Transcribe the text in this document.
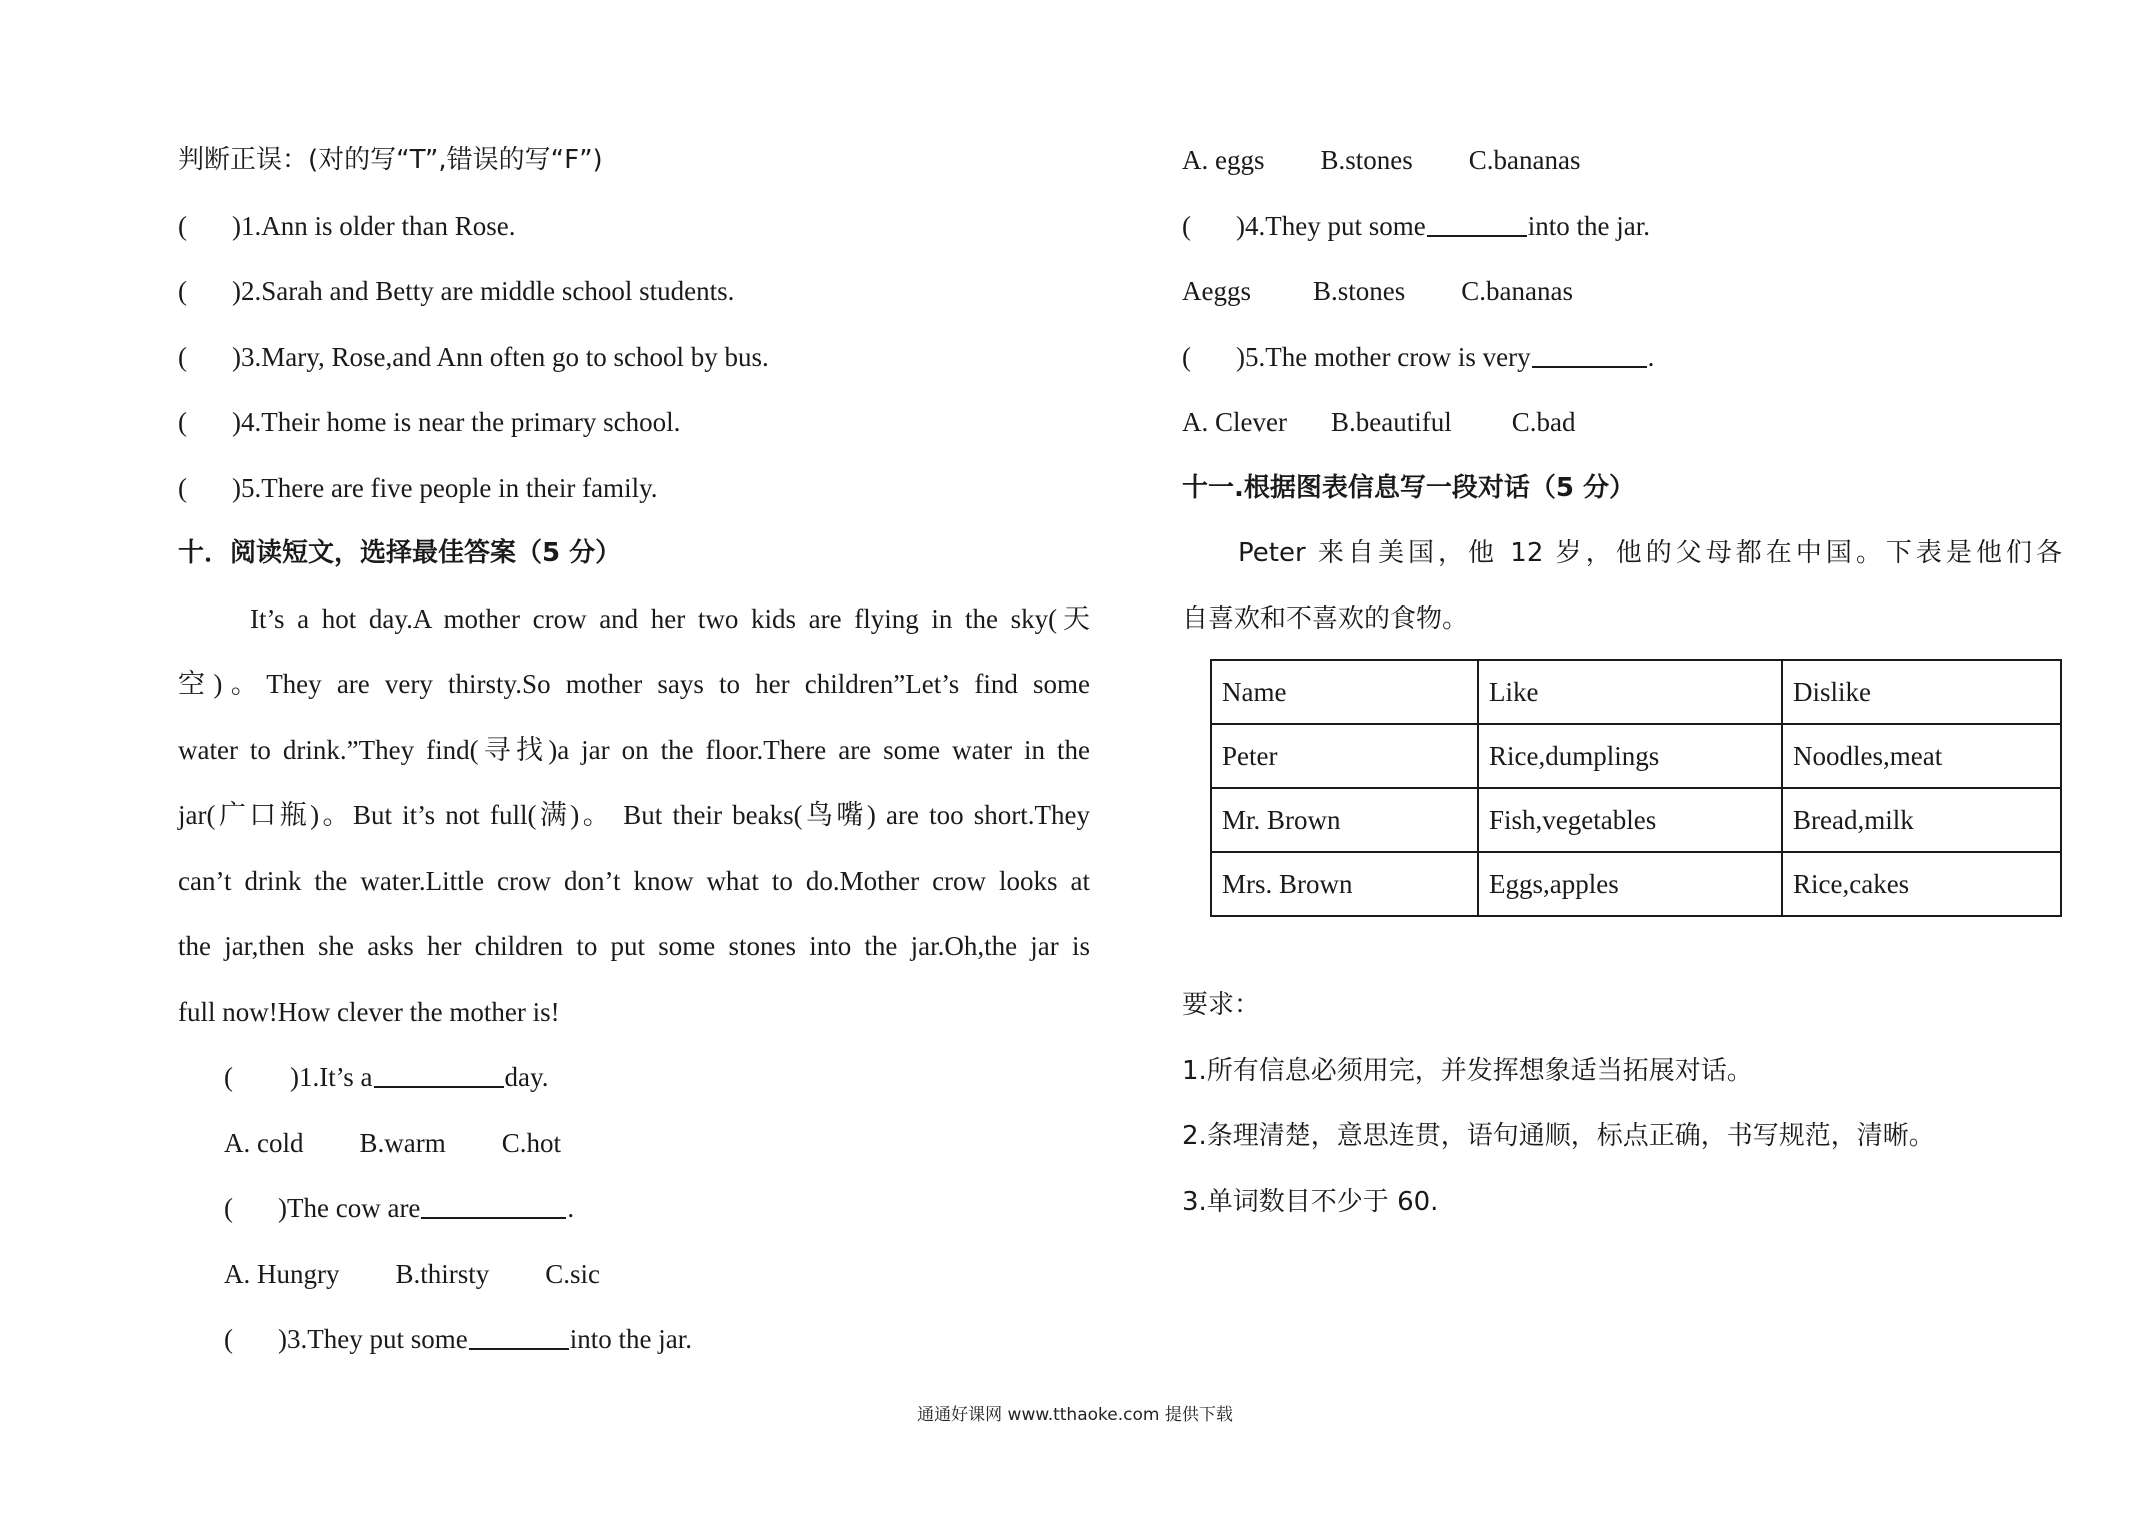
判断正误：(对的写“T”,错误的写“F”)
( )1.Ann is older than Rose.
( )2.Sarah and Betty are middle school students.
( )3.Mary, Rose,and Ann often go to school by bus.
( )4.Their home is near the primary school.
( )5.There are five people in their family.
十．阅读短文，选择最佳答案（5 分）
It’s a hot day.A mother crow and her two kids are flying in the sky(天
空)。They are very thirsty.So mother says to her children”Let’s find some
water to drink.”They find(寻找)a jar on the floor.There are some water in the
jar(广口瓶)。But it’s not full(满)。 But their beaks(鸟嘴) are too short.They
can’t drink the water.Little crow don’t know what to do.Mother crow looks at
the jar,then she asks her children to put some stones into the jar.Oh,the jar is
full now!How clever the mother is!
( )1.It’s a	day.
A. cold B.warm C.hot
( )The cow are	.
A. Hungry B.thirsty C.sic
( )3.They put some	into the jar.
A. eggs B.stones C.bananas
( )4.They put some	into the jar.
Aeggs B.stones C.bananas
( )5.The mother crow is very	.
A. Clever B.beautiful C.bad
十一.根据图表信息写一段对话（5 分）
Peter 来自美国，他 12 岁，他的父母都在中国。下表是他们各
自喜欢和不喜欢的食物。
Name	Like	Dislike
Peter	Rice,dumplings	Noodles,meat
Mr. Brown	Fish,vegetables	Bread,milk
Mrs. Brown	Eggs,apples	Rice,cakes
要求：
1.所有信息必须用完，并发挥想象适当拓展对话。
2.条理清楚，意思连贯，语句通顺，标点正确，书写规范，清晰。
3.单词数目不少于 60.
通通好课网 www.tthaoke.com 提供下载
